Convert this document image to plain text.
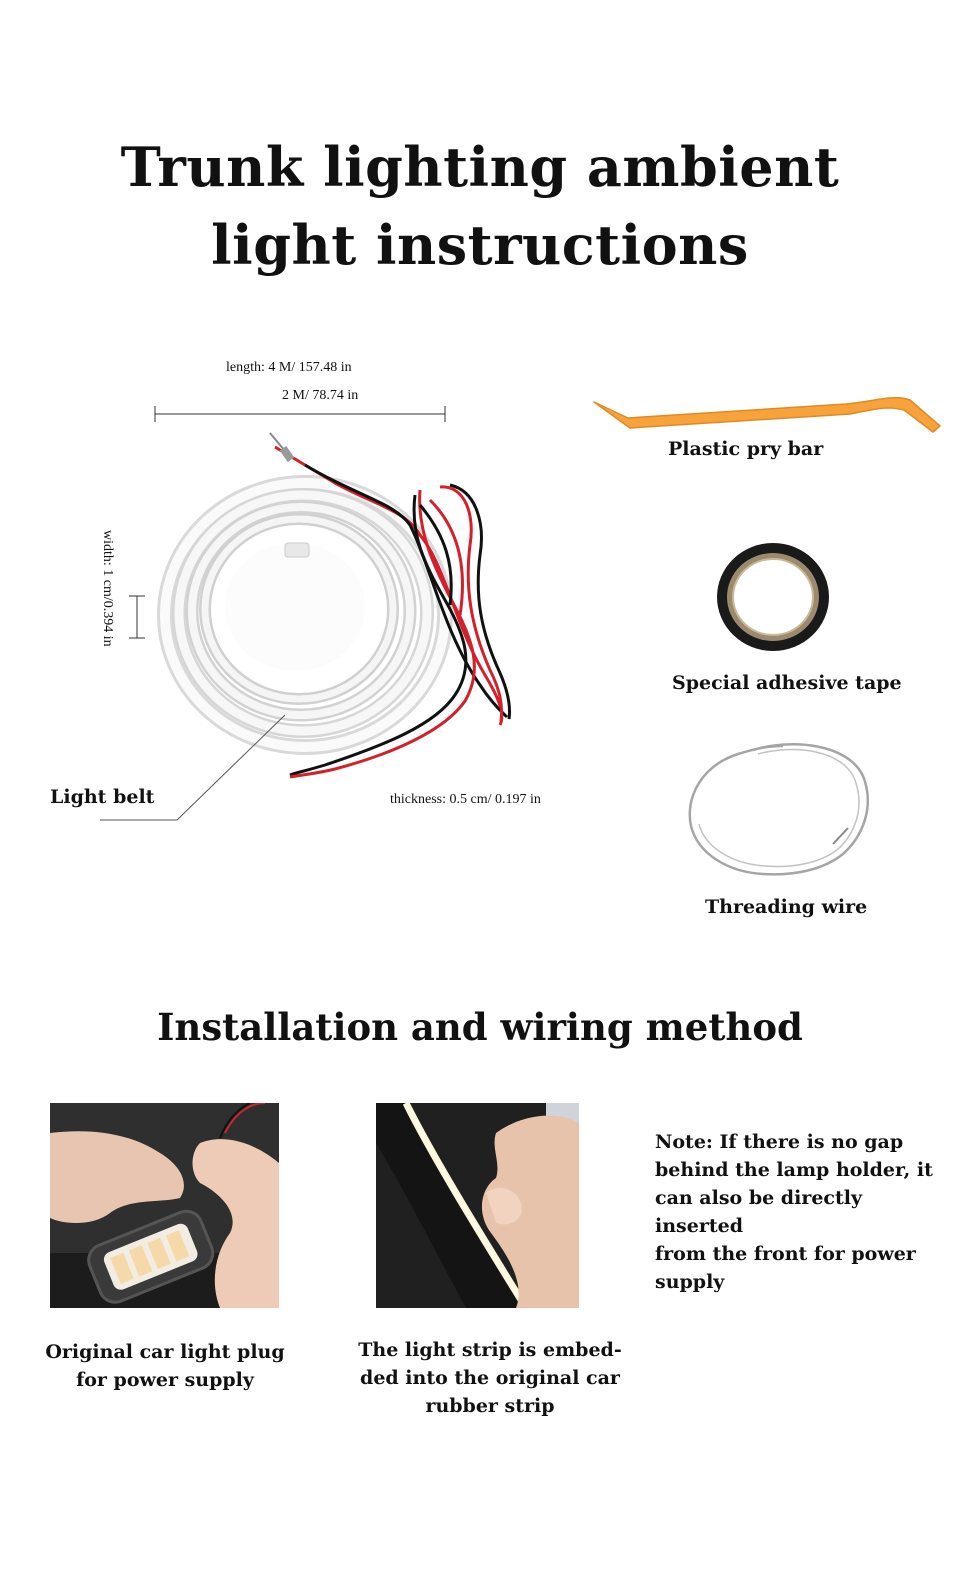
Trunk lighting ambient light instructions
length: 4 M/ 157.48 in
2 M/ 78.74 in
width: 1 cm/0.394 in
Light belt	thickness: 0.5 cm/ 0.197 in
Plastic pry bar
Special adhesive tape
Threading wire
Installation and wiring method
Note: If there is no gap
behind the lamp holder, it
can also be directly inserted
from the front for power
supply
Original car light plug
for power supply
The light strip is embed-
ded into the original car
rubber strip
